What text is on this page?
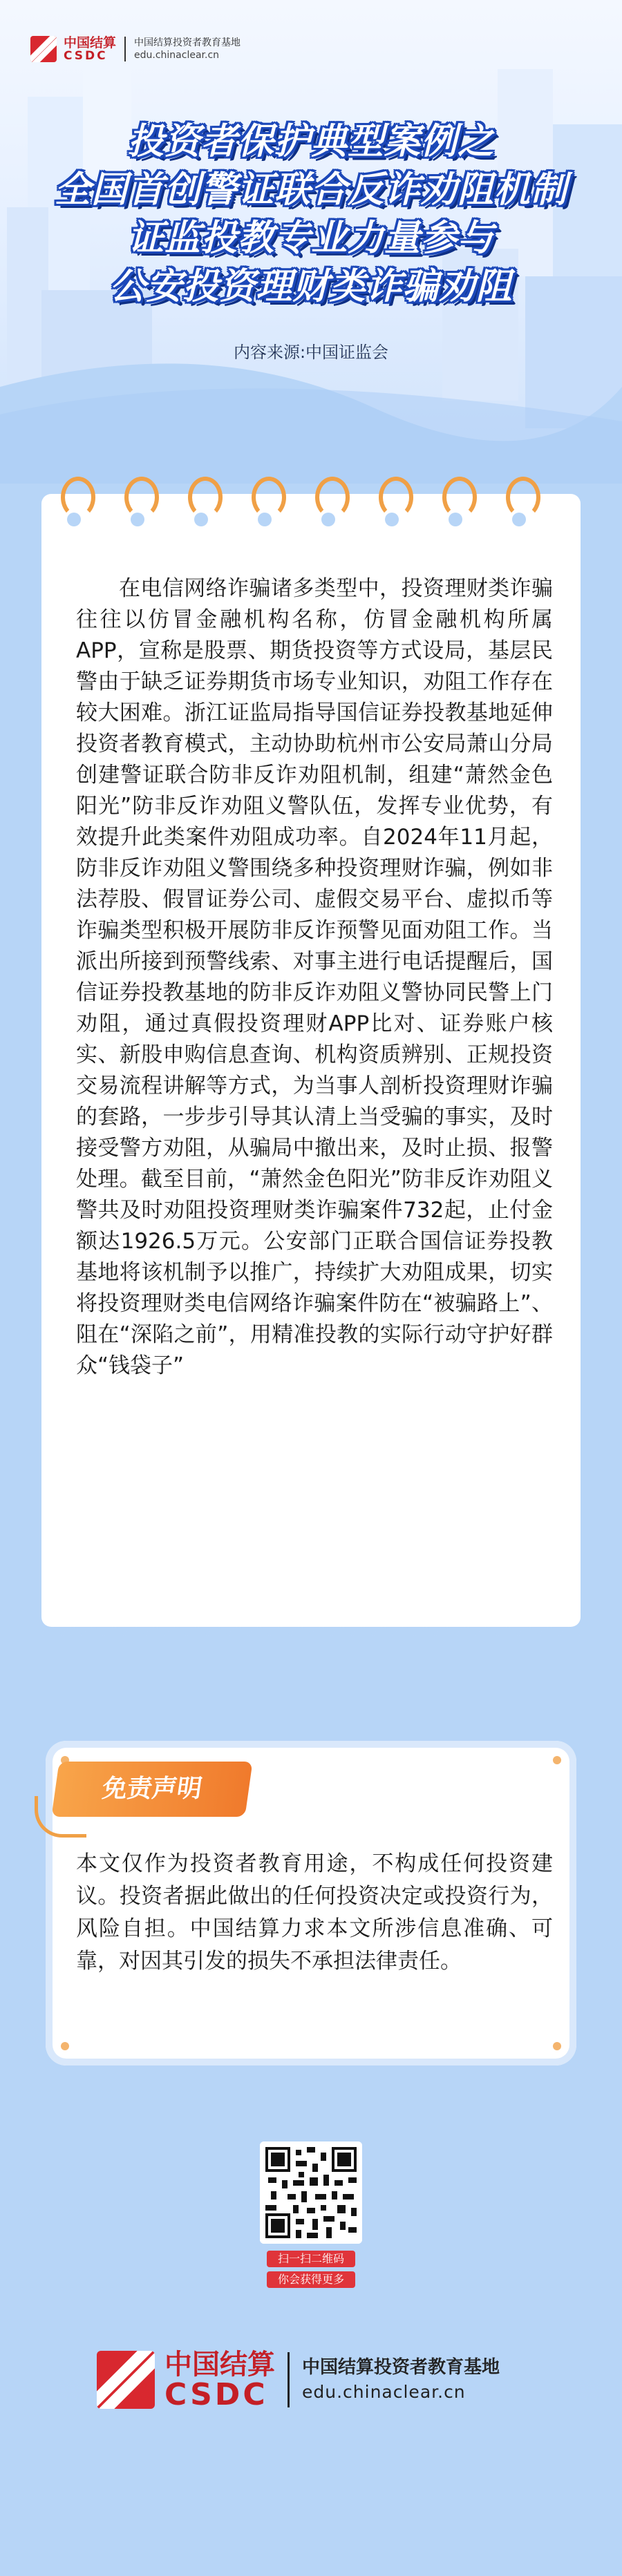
中国结算
CSDC
中国结算投资者教育基地
edu.chinaclear.cn
投资者保护典型案例之
全国首创警证联合反诈劝阻机制
证监投教专业力量参与
公安投资理财类诈骗劝阻
内容来源:中国证监会

在电信网络诈骗诸多类型中，投资理财类诈骗往往以仿冒金融机构名称，仿冒金融机构所属APP，宣称是股票、期货投资等方式设局，基层民警由于缺乏证券期货市场专业知识，劝阻工作存在较大困难。浙江证监局指导国信证券投教基地延伸投资者教育模式，主动协助杭州市公安局萧山分局创建警证联合防非反诈劝阻机制，组建“萧然金色阳光”防非反诈劝阻义警队伍，发挥专业优势，有效提升此类案件劝阻成功率。自2024年11月起，防非反诈劝阻义警围绕多种投资理财诈骗，例如非法荐股、假冒证券公司、虚假交易平台、虚拟币等诈骗类型积极开展防非反诈预警见面劝阻工作。当派出所接到预警线索、对事主进行电话提醒后，国信证券投教基地的防非反诈劝阻义警协同民警上门劝阻，通过真假投资理财APP比对、证券账户核实、新股申购信息查询、机构资质辨别、正规投资交易流程讲解等方式，为当事人剖析投资理财诈骗的套路，一步步引导其认清上当受骗的事实，及时接受警方劝阻，从骗局中撤出来，及时止损、报警处理。截至目前，“萧然金色阳光”防非反诈劝阻义警共及时劝阻投资理财类诈骗案件732起，止付金额达1926.5万元。公安部门正联合国信证券投教基地将该机制予以推广，持续扩大劝阻成果，切实将投资理财类电信网络诈骗案件防在“被骗路上”、阻在“深陷之前”，用精准投教的实际行动守护好群众“钱袋子”

免责声明

本文仅作为投资者教育用途，不构成任何投资建议。投资者据此做出的任何投资决定或投资行为，风险自担。中国结算力求本文所涉信息准确、可靠，对因其引发的损失不承担法律责任。

扫一扫二维码
你会获得更多
中国结算
CSDC
中国结算投资者教育基地
edu.chinaclear.cn
